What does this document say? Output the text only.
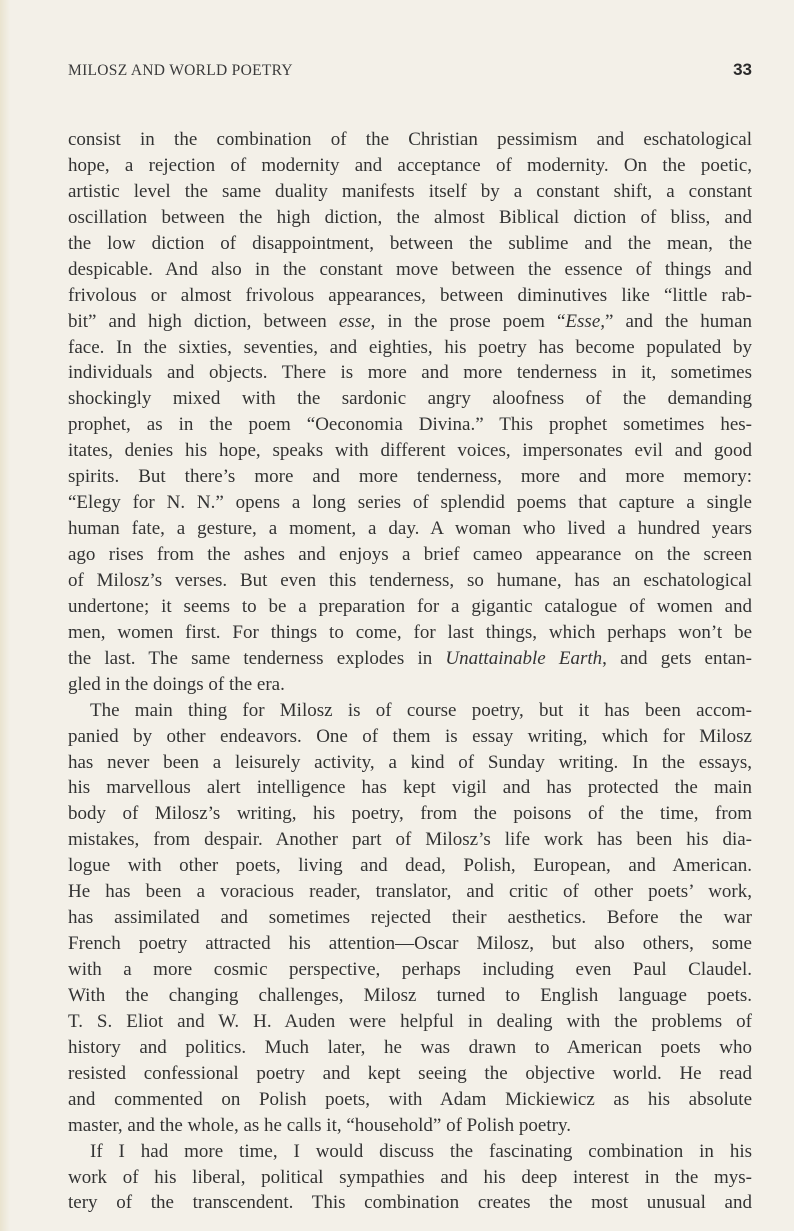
MILOSZ AND WORLD POETRY	33
consist in the combination of the Christian pessimism and eschatological
hope, a rejection of modernity and acceptance of modernity. On the poetic,
artistic level the same duality manifests itself by a constant shift, a constant
oscillation between the high diction, the almost Biblical diction of bliss, and
the low diction of disappointment, between the sublime and the mean, the
despicable. And also in the constant move between the essence of things and
frivolous or almost frivolous appearances, between diminutives like “little rab-
bit” and high diction, between esse, in the prose poem “Esse,” and the human
face. In the sixties, seventies, and eighties, his poetry has become populated by
individuals and objects. There is more and more tenderness in it, sometimes
shockingly mixed with the sardonic angry aloofness of the demanding
prophet, as in the poem “Oeconomia Divina.” This prophet sometimes hes-
itates, denies his hope, speaks with different voices, impersonates evil and good
spirits. But there’s more and more tenderness, more and more memory:
“Elegy for N. N.” opens a long series of splendid poems that capture a single
human fate, a gesture, a moment, a day. A woman who lived a hundred years
ago rises from the ashes and enjoys a brief cameo appearance on the screen
of Milosz’s verses. But even this tenderness, so humane, has an eschatological
undertone; it seems to be a preparation for a gigantic catalogue of women and
men, women first. For things to come, for last things, which perhaps won’t be
the last. The same tenderness explodes in Unattainable Earth, and gets entan-
gled in the doings of the era.
The main thing for Milosz is of course poetry, but it has been accom-
panied by other endeavors. One of them is essay writing, which for Milosz
has never been a leisurely activity, a kind of Sunday writing. In the essays,
his marvellous alert intelligence has kept vigil and has protected the main
body of Milosz’s writing, his poetry, from the poisons of the time, from
mistakes, from despair. Another part of Milosz’s life work has been his dia-
logue with other poets, living and dead, Polish, European, and American.
He has been a voracious reader, translator, and critic of other poets’ work,
has assimilated and sometimes rejected their aesthetics. Before the war
French poetry attracted his attention—Oscar Milosz, but also others, some
with a more cosmic perspective, perhaps including even Paul Claudel.
With the changing challenges, Milosz turned to English language poets.
T. S. Eliot and W. H. Auden were helpful in dealing with the problems of
history and politics. Much later, he was drawn to American poets who
resisted confessional poetry and kept seeing the objective world. He read
and commented on Polish poets, with Adam Mickiewicz as his absolute
master, and the whole, as he calls it, “household” of Polish poetry.
If I had more time, I would discuss the fascinating combination in his
work of his liberal, political sympathies and his deep interest in the mys-
tery of the transcendent. This combination creates the most unusual and
